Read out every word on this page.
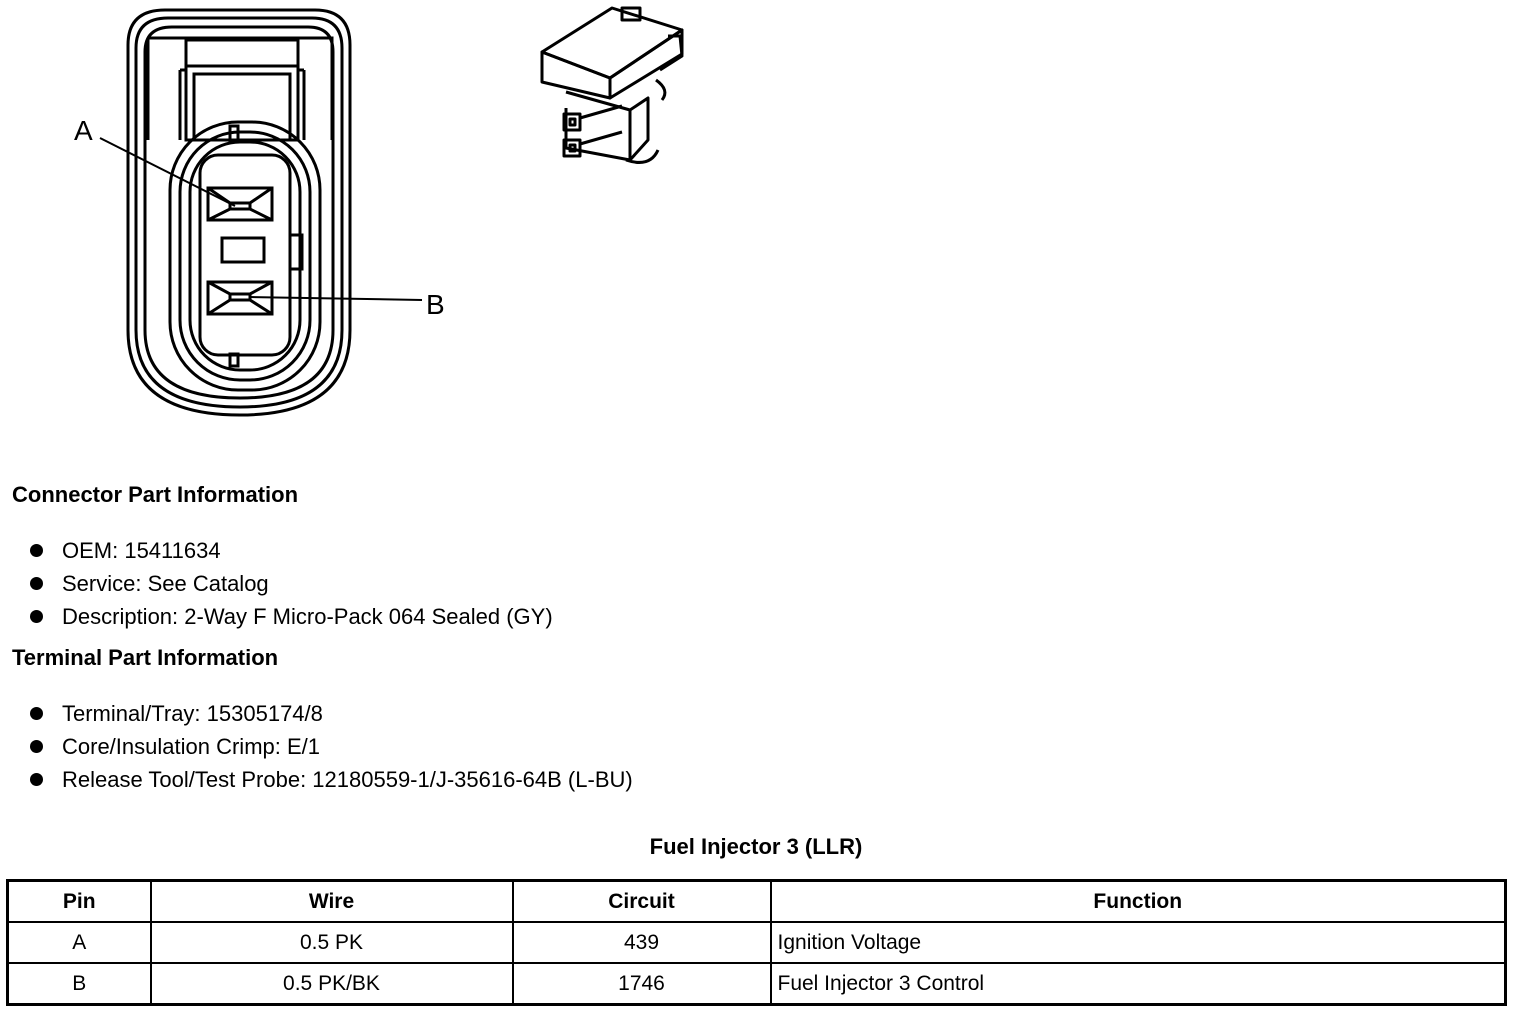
A
B
Connector Part Information
OEM: 15411634
Service: See Catalog
Description: 2-Way F Micro-Pack 064 Sealed (GY)
Terminal Part Information
Terminal/Tray: 15305174/8
Core/Insulation Crimp: E/1
Release Tool/Test Probe: 12180559-1/J-35616-64B (L-BU)
Fuel Injector 3 (LLR)
Pin	Wire	Circuit	Function
A	0.5 PK	439	Ignition Voltage
B	0.5 PK/BK	1746	Fuel Injector 3 Control
